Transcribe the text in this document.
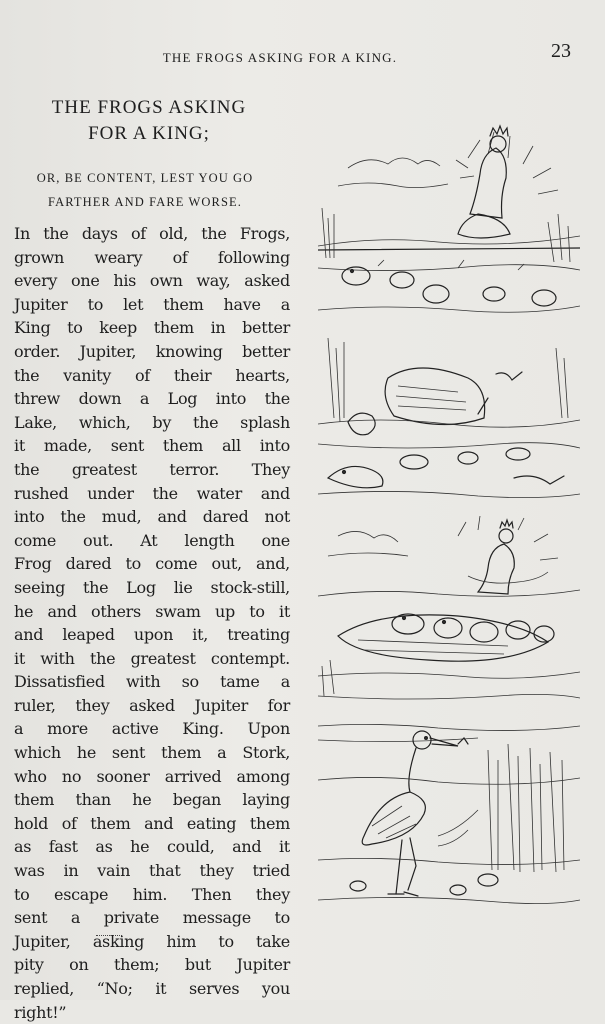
THE FROGS ASKING FOR A KING.	23
THE FROGS ASKING
FOR A KING;
OR, BE CONTENT, LEST YOU GO
FARTHER AND FARE WORSE.
In the days of old, the Frogs,
grown weary of following
every one his own way, asked
Jupiter to let them have a
King to keep them in better
order. Jupiter, knowing better
the vanity of their hearts,
threw down a Log into the
Lake, which, by the splash
it made, sent them all into
the greatest terror. They
rushed under the water and
into the mud, and dared not
come out. At length one
Frog dared to come out, and,
seeing the Log lie stock-still,
he and others swam up to it
and leaped upon it, treating
it with the greatest contempt.
Dissatisfied with so tame a
ruler, they asked Jupiter for
a more active King. Upon
which he sent them a Stork,
who no sooner arrived among
them than he began laying
hold of them and eating them
as fast as he could, and it
was in vain that they tried
to escape him. Then they
sent a private message to
Jupiter, asking him to take
pity on them; but Jupiter
replied, “No; it serves you
right!”
